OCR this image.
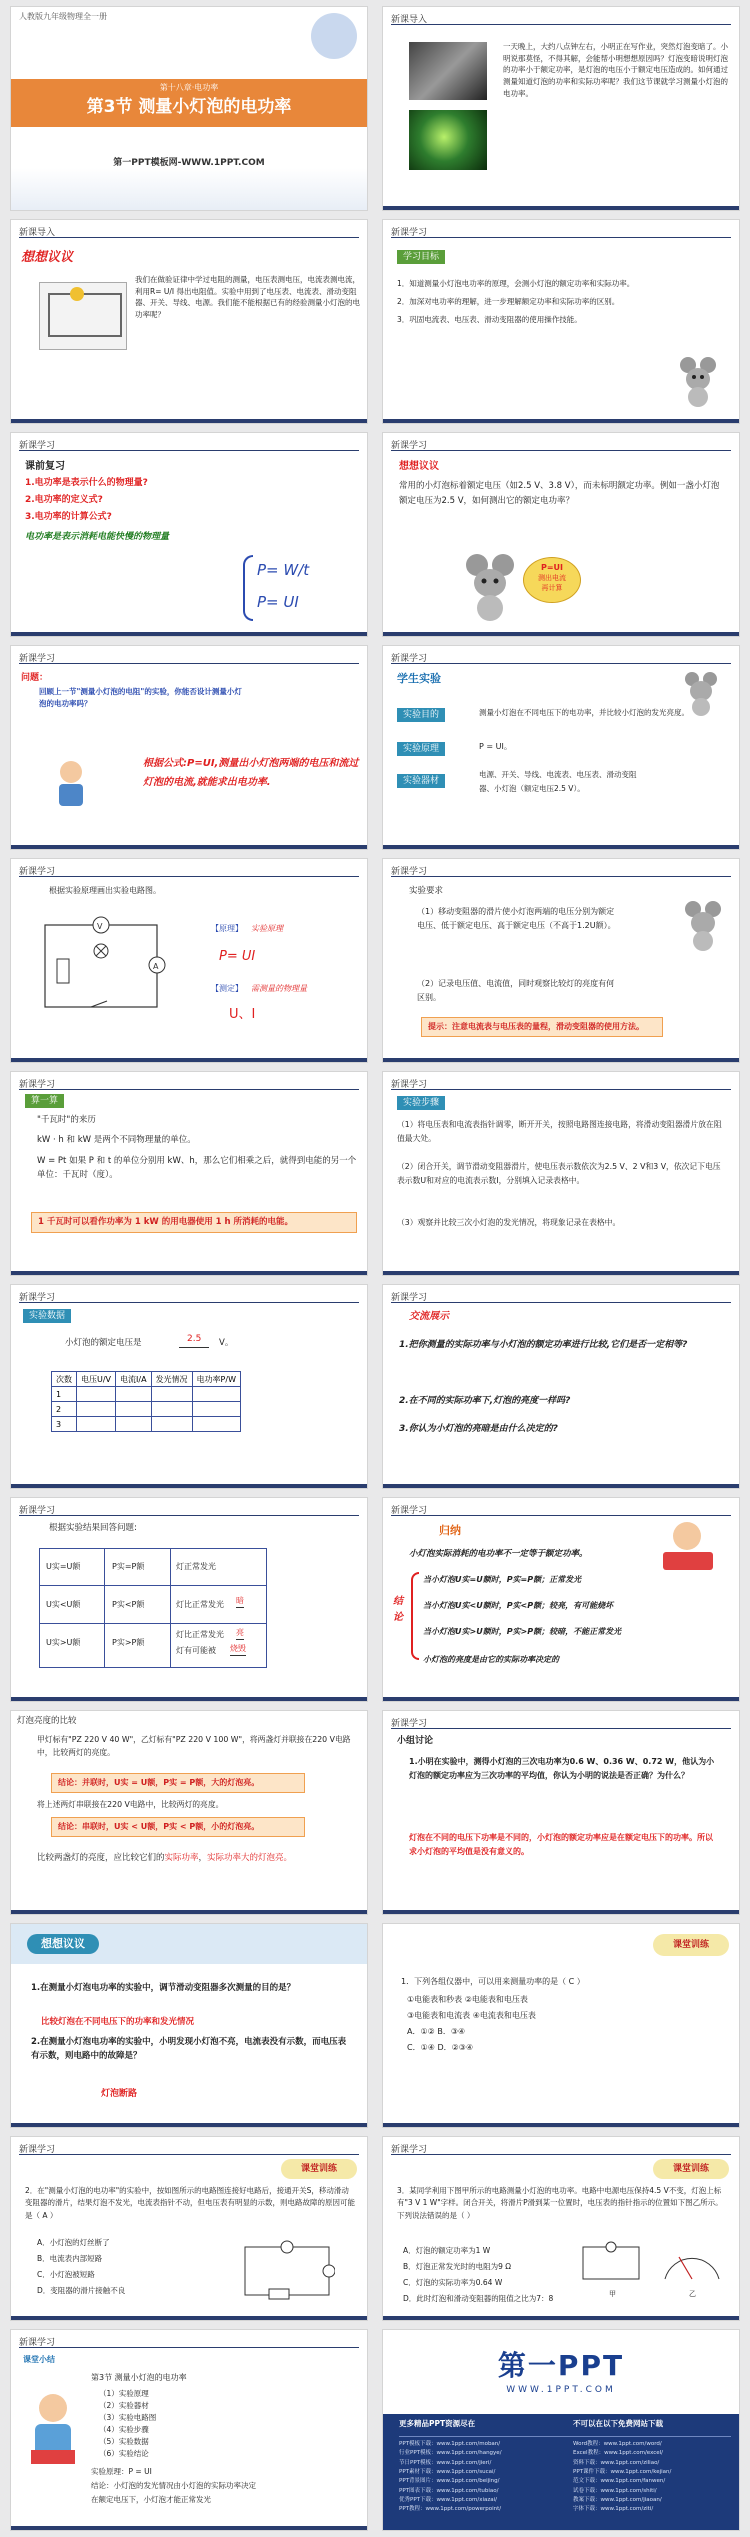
人教版九年级物理全一册
第十八章·电功率
第3节 测量小灯泡的电功率
第一PPT模板网-WWW.1PPT.COM
新课导入
一天晚上，大约八点钟左右，小明正在写作业，突然灯泡变暗了。小明说那莫怪，不得其解，会能帮小明想想原因吗？灯泡变暗说明灯泡的功率小于额定功率，是灯泡的电压小于额定电压造成的。如何通过测量知道灯泡的功率和实际功率呢？我们这节课就学习测量小灯泡的电功率。
新课导入
想想议议
我们在做验证律中学过电阻的测量，电压表测电压，电流表测电流，利用R= U/I 得出电阻值。实验中用到了电压表、电流表、滑动变阻器、开关、导线、电源。我们能不能根据已有的经验测量小灯泡的电功率呢？
新课学习
学习目标
1．知道测量小灯泡电功率的原理，会测小灯泡的额定功率和实际功率。
2．加深对电功率的理解，进一步理解额定功率和实际功率的区别。
3．巩固电流表、电压表、滑动变阻器的使用操作技能。
新课学习
课前复习
1.电功率是表示什么的物理量?
2.电功率的定义式?
3.电功率的计算公式?
电功率是表示消耗电能快慢的物理量
P= W/t
P= UI
新课学习
想想议议
常用的小灯泡标着额定电压（如2.5 V、3.8 V），而未标明额定功率。例如一盏小灯泡额定电压为2.5 V，如何测出它的额定电功率？
P=UI
测出电流
再计算
新课学习
问题：
回顾上一节"测量小灯泡的电阻"的实验，你能否设计测量小灯泡的电功率吗？
根据公式:P=UI,测量出小灯泡两端的电压和流过灯泡的电流,就能求出电功率.
新课学习
学生实验
实验目的	测量小灯泡在不同电压下的电功率，并比较小灯泡的发光亮度。
实验原理	P = UI。
实验器材
电源、开关、导线、电流表、电压表、滑动变阻器、小灯泡（额定电压2.5 V）。
新课学习
根据实验原理画出实验电路图。
V
A
【原理】 实验原理
P= UI
【测定】 需测量的物理量
U、I
新课学习
实验要求
（1）移动变阻器的滑片使小灯泡两端的电压分别为额定电压、低于额定电压、高于额定电压（不高于1.2U额）。
（2）记录电压值、电流值，同时观察比较灯的亮度有何区别。
提示：注意电流表与电压表的量程，滑动变阻器的使用方法。
新课学习
算一算
"千瓦时"的来历
kW · h 和 kW 是两个不同物理量的单位。
W = Pt 如果 P 和 t 的单位分别用 kW、h，那么它们相乘之后，就得到电能的另一个单位：千瓦时（度）。
1 千瓦时可以看作功率为 1 kW 的用电器使用 1 h 所消耗的电能。
新课学习
实验步骤
（1）将电压表和电流表指针调零，断开开关，按照电路图连接电路，将滑动变阻器滑片放在阻值最大处。
（2）闭合开关，调节滑动变阻器滑片，使电压表示数依次为2.5 V、2 V和3 V，依次记下电压表示数U和对应的电流表示数I，分别填入记录表格中。
（3）观察并比较三次小灯泡的发光情况，将现象记录在表格中。
新课学习
实验数据
小灯泡的额定电压是	2.5	V。
次数	电压U/V	电流I/A	发光情况	电功率P/W
1				
2				
3				
新课学习
交流展示
1.把你测量的实际功率与小灯泡的额定功率进行比较,它们是否一定相等?
2.在不同的实际功率下,灯泡的亮度一样吗?
3.你认为小灯泡的亮暗是由什么决定的?
新课学习
根据实验结果回答问题:
U实=U额	P实=P额	灯正常发光
U实<U额	P实<P额	灯比正常发光 暗
U实>U额	P实>P额
灯比正常发光 亮
灯有可能被 烧毁
新课学习
归纳
小灯泡实际消耗的电功率不一定等于额定功率。
结论
当小灯泡U实=U额时，P实=P额；正常发光
当小灯泡U实<U额时，P实<P额；较亮，有可能烧坏
当小灯泡U实>U额时，P实>P额；较暗，不能正常发光
小灯泡的亮度是由它的实际功率决定的
灯泡亮度的比较
甲灯标有"PZ 220 V 40 W"，乙灯标有"PZ 220 V 100 W"，将两盏灯并联接在220 V电路中，比较两灯的亮度。
结论：并联时，U实 = U额，P实 = P额，大的灯泡亮。
将上述两灯串联接在220 V电路中，比较两灯的亮度。
结论：串联时，U实 < U额，P实 < P额，小的灯泡亮。
比较两盏灯的亮度，应比较它们的实际功率，实际功率大的灯泡亮。
新课学习
小组讨论
1.小明在实验中，测得小灯泡的三次电功率为0.6 W、0.36 W、0.72 W，他认为小灯泡的额定功率应为三次功率的平均值，你认为小明的说法是否正确？为什么？
灯泡在不同的电压下功率是不同的，小灯泡的额定功率应是在额定电压下的功率。所以求小灯泡的平均值是没有意义的。
想想议议
1.在测量小灯泡电功率的实验中，调节滑动变阻器多次测量的目的是？
比较灯泡在不同电压下的功率和发光情况
2.在测量小灯泡电功率的实验中，小明发现小灯泡不亮，电流表没有示数，而电压表有示数，则电路中的故障是？
灯泡断路
课堂训练
1．下列各组仪器中，可以用来测量功率的是（ C ）
①电能表和秒表 ②电能表和电压表
③电能表和电流表 ④电流表和电压表
A．①② B．③④
C．①④ D．②③④
新课学习
课堂训练
2．在"测量小灯泡的电功率"的实验中，按如图所示的电路图连接好电路后，接通开关S，移动滑动变阻器的滑片，结果灯泡不发光，电流表指针不动，但电压表有明显的示数，则电路故障的原因可能是（ A ）
A．小灯泡的灯丝断了
B．电流表内部短路
C．小灯泡被短路
D．变阻器的滑片接触不良
新课学习
课堂训练
3．某同学利用下图甲所示的电路测量小灯泡的电功率。电路中电源电压保持4.5 V不变，灯泡上标有"3 V 1 W"字样。闭合开关，将滑片P滑到某一位置时，电压表的指针指示的位置如下图乙所示。下列说法错误的是（ ）
A．灯泡的额定功率为1 W
B．灯泡正常发光时的电阻为9 Ω
C．灯泡的实际功率为0.64 W
D．此时灯泡和滑动变阻器的阻值之比为7：8	甲	乙
新课学习
课堂小结
第3节 测量小灯泡的电功率
（1）实验原理
（2）实验器材
（3）实验电路图
（4）实验步骤
（5）实验数据
（6）实验结论
实验原理：P = UI
结论：小灯泡的发光情况由小灯泡的实际功率决定
在额定电压下，小灯泡才能正常发光
第一PPT
WWW.1PPT.COM
更多精品PPT资源尽在	不可以在以下免费网站下载
PPT模板下载：www.1ppt.com/moban/
行业PPT模板：www.1ppt.com/hangye/
节日PPT模板：www.1ppt.com/jieri/
PPT素材下载：www.1ppt.com/sucai/
PPT背景图片：www.1ppt.com/beijing/
PPT图表下载：www.1ppt.com/tubiao/
优秀PPT下载：www.1ppt.com/xiazai/
PPT教程：www.1ppt.com/powerpoint/
Word教程：www.1ppt.com/word/
Excel教程：www.1ppt.com/excel/
资料下载：www.1ppt.com/ziliao/
PPT课件下载：www.1ppt.com/kejian/
范文下载：www.1ppt.com/fanwen/
试卷下载：www.1ppt.com/shiti/
教案下载：www.1ppt.com/jiaoan/
字体下载：www.1ppt.com/ziti/
